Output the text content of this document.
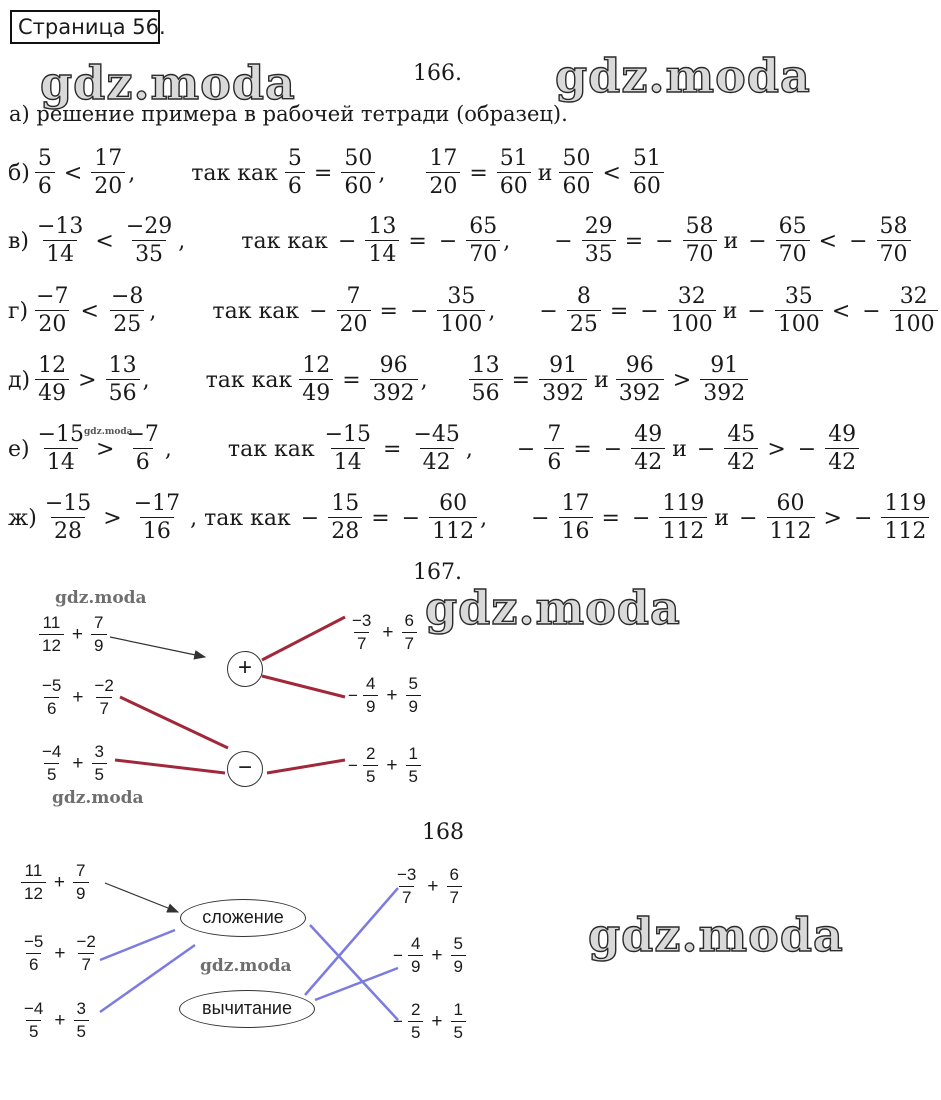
Страница 56.
gdz.moda	gdz.moda
gdz.moda
gdz.moda
166.
а) решение примера в рабочей тетради (образец).
$б) \frac{5}{6} < \frac{17}{20}$ ,	так как $\frac{5}{6} = \frac{50}{60}$ , $\frac{17}{20} = \frac{51}{60}$ и $\frac{50}{60} < \frac{51}{60}$
$в) \frac{-13}{14} < \frac{-29}{35}$ ,	так как − $\frac{13}{14}$ = − $\frac{65}{70}$ , − $\frac{29}{35}$ = − $\frac{58}{70}$ $и - \frac{65}{70}$ < − $\frac{58}{70}$
$г) \frac{-7}{20} < \frac{-8}{25}$ ,	так как − $\frac{7}{20}$ = − $\frac{35}{100}$ , − $\frac{8}{25}$ = − $\frac{32}{100}$ $и - \frac{35}{100}$ < − $\frac{32}{100}$
$д) \frac{12}{49} > \frac{13}{56}$ ,	так как $\frac{12}{49} = \frac{96}{392}$ , $\frac{13}{56} = \frac{91}{392}$ и $\frac{96}{392} > \frac{91}{392}$
$е) \frac{-15}{14} > \frac{-7}{6}$ ,	так как $\frac{-15}{14} = \frac{-45}{42}$ , − $\frac{7}{6}$ = − $\frac{49}{42}$ $и - \frac{45}{42}$ > − $\frac{49}{42}$
$ж) \frac{-15}{28} > \frac{-17}{16}$ , так как − $\frac{15}{28}$ = − $\frac{60}{112}$ , − $\frac{17}{16}$ = − $\frac{119}{112}$ $и - \frac{60}{112}$ > − $\frac{119}{112}$
gdz.moda
167.
gdz.moda
gdz.moda
$\frac{11}{12} + \frac{7}{9}$
$\frac{-5}{6} + \frac{-2}{7}$
$\frac{-4}{5} + \frac{3}{5}$
$\frac{-3}{7} + \frac{6}{7}$
− $\frac{4}{9} + \frac{5}{9}$
− $\frac{2}{5} + \frac{1}{5}$
+
−
168
gdz.moda
$\frac{11}{12} + \frac{7}{9}$
$\frac{-5}{6} + \frac{-2}{7}$
$\frac{-4}{5} + \frac{3}{5}$
$\frac{-3}{7} + \frac{6}{7}$
− $\frac{4}{9} + \frac{5}{9}$
− $\frac{2}{5} + \frac{1}{5}$
сложение
вычитание
